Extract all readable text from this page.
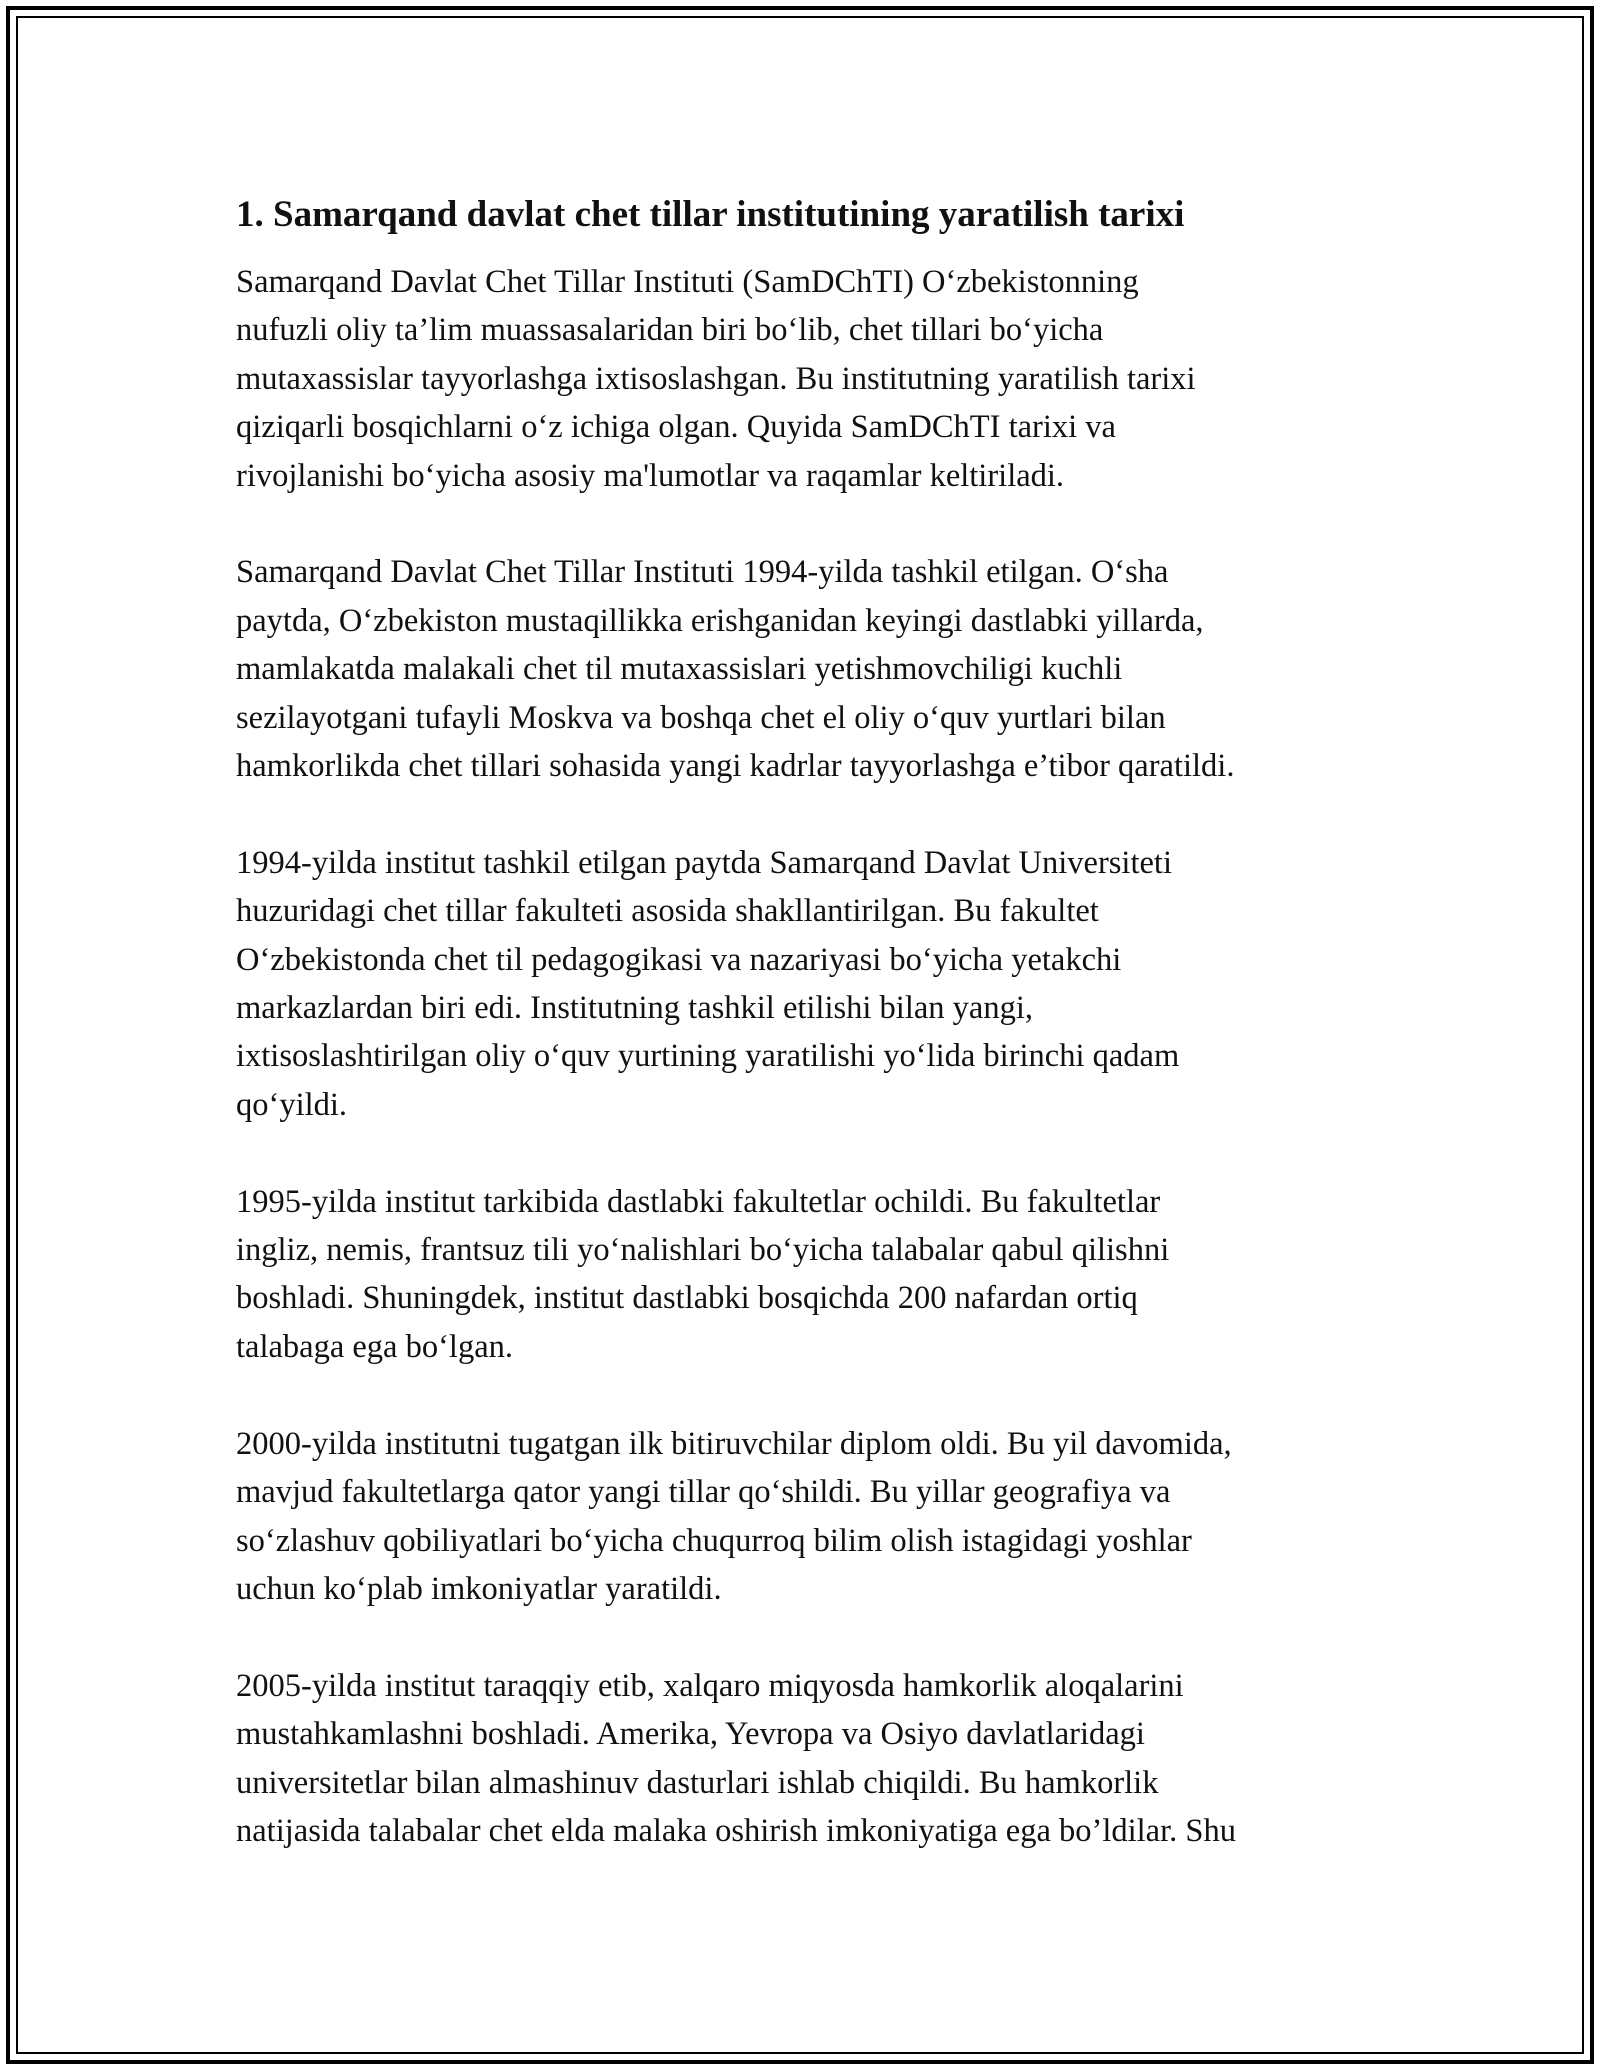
1. Samarqand davlat chet tillar institutining yaratilish tarixi

Samarqand Davlat Chet Tillar Instituti (SamDChTI) O‘zbekistonning
nufuzli oliy ta’lim muassasalaridan biri bo‘lib, chet tillari bo‘yicha
mutaxassislar tayyorlashga ixtisoslashgan. Bu institutning yaratilish tarixi
qiziqarli bosqichlarni o‘z ichiga olgan. Quyida SamDChTI tarixi va
rivojlanishi bo‘yicha asosiy ma'lumotlar va raqamlar keltiriladi.

Samarqand Davlat Chet Tillar Instituti 1994-yilda tashkil etilgan. O‘sha
paytda, O‘zbekiston mustaqillikka erishganidan keyingi dastlabki yillarda,
mamlakatda malakali chet til mutaxassislari yetishmovchiligi kuchli
sezilayotgani tufayli Moskva va boshqa chet el oliy o‘quv yurtlari bilan
hamkorlikda chet tillari sohasida yangi kadrlar tayyorlashga e’tibor qaratildi.

1994-yilda institut tashkil etilgan paytda Samarqand Davlat Universiteti
huzuridagi chet tillar fakulteti asosida shakllantirilgan. Bu fakultet
O‘zbekistonda chet til pedagogikasi va nazariyasi bo‘yicha yetakchi
markazlardan biri edi. Institutning tashkil etilishi bilan yangi,
ixtisoslashtirilgan oliy o‘quv yurtining yaratilishi yo‘lida birinchi qadam
qo‘yildi.

1995-yilda institut tarkibida dastlabki fakultetlar ochildi. Bu fakultetlar
ingliz, nemis, frantsuz tili yo‘nalishlari bo‘yicha talabalar qabul qilishni
boshladi. Shuningdek, institut dastlabki bosqichda 200 nafardan ortiq
talabaga ega bo‘lgan.

2000-yilda institutni tugatgan ilk bitiruvchilar diplom oldi. Bu yil davomida,
mavjud fakultetlarga qator yangi tillar qo‘shildi. Bu yillar geografiya va
so‘zlashuv qobiliyatlari bo‘yicha chuqurroq bilim olish istagidagi yoshlar
uchun ko‘plab imkoniyatlar yaratildi.

2005-yilda institut taraqqiy etib, xalqaro miqyosda hamkorlik aloqalarini
mustahkamlashni boshladi. Amerika, Yevropa va Osiyo davlatlaridagi
universitetlar bilan almashinuv dasturlari ishlab chiqildi. Bu hamkorlik
natijasida talabalar chet elda malaka oshirish imkoniyatiga ega bo’ldilar. Shu
